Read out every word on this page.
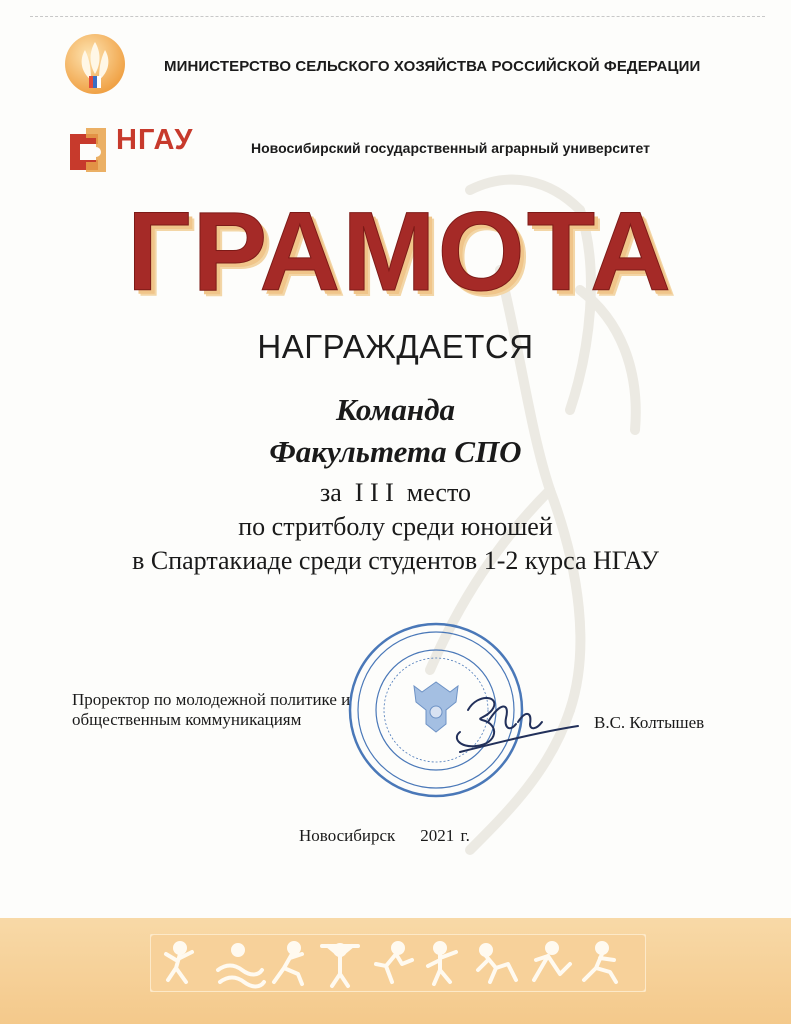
МИНИСТЕРСТВО СЕЛЬСКОГО ХОЗЯЙСТВА РОССИЙСКОЙ ФЕДЕРАЦИИ
НГАУ	Новосибирский государственный аграрный университет
ГРАМОТА
НАГРАЖДАЕТСЯ
Команда
Факультета СПО
за  I I I  место
по стритболу среди юношей
в Спартакиаде среди студентов 1-2 курса НГАУ
Проректор по молодежной политике и
общественным коммуникациям	В.С. Колтышев
Новосибирск    2021 г.
